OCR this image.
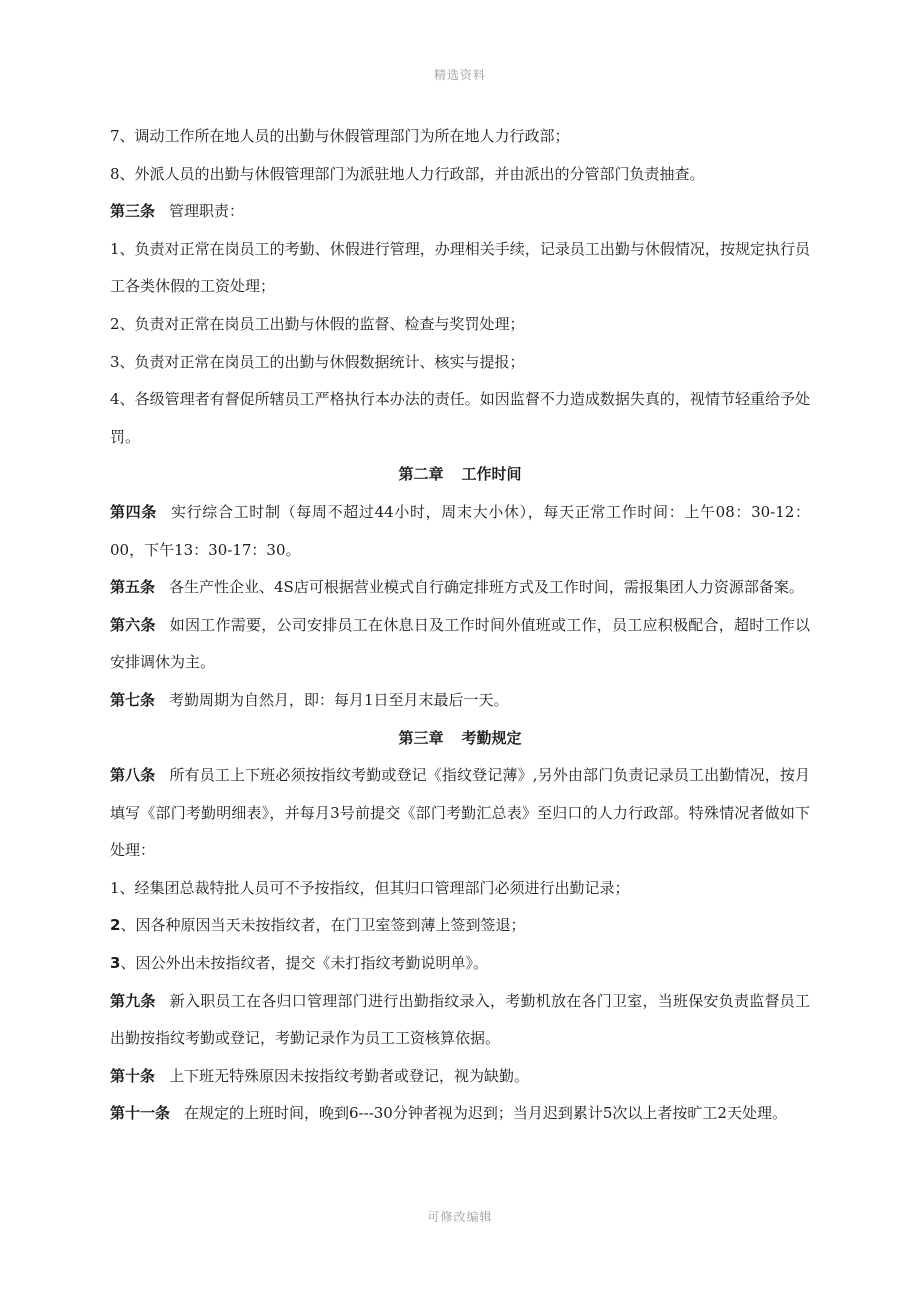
精选资料

7、调动工作所在地人员的出勤与休假管理部门为所在地人力行政部；

8、外派人员的出勤与休假管理部门为派驻地人力行政部，并由派出的分管部门负责抽查。

第三条 管理职责：

1、负责对正常在岗员工的考勤、休假进行管理，办理相关手续，记录员工出勤与休假情况，按规定执行员工各类休假的工资处理；

2、负责对正常在岗员工出勤与休假的监督、检查与奖罚处理；

3、负责对正常在岗员工的出勤与休假数据统计、核实与提报；

4、各级管理者有督促所辖员工严格执行本办法的责任。如因监督不力造成数据失真的，视情节轻重给予处罚。

第二章 工作时间

第四条 实行综合工时制（每周不超过44小时，周末大小休），每天正常工作时间：上午08：30-12：00，下午13：30-17：30。

第五条 各生产性企业、4S店可根据营业模式自行确定排班方式及工作时间，需报集团人力资源部备案。

第六条 如因工作需要，公司安排员工在休息日及工作时间外值班或工作，员工应积极配合，超时工作以安排调休为主。

第七条 考勤周期为自然月，即：每月1日至月末最后一天。

第三章 考勤规定

第八条 所有员工上下班必须按指纹考勤或登记《指纹登记薄》,另外由部门负责记录员工出勤情况，按月填写《部门考勤明细表》，并每月3号前提交《部门考勤汇总表》至归口的人力行政部。特殊情况者做如下处理：

1、经集团总裁特批人员可不予按指纹，但其归口管理部门必须进行出勤记录；

2、因各种原因当天未按指纹者，在门卫室签到薄上签到签退；

3、因公外出未按指纹者，提交《未打指纹考勤说明单》。

第九条 新入职员工在各归口管理部门进行出勤指纹录入，考勤机放在各门卫室，当班保安负责监督员工出勤按指纹考勤或登记，考勤记录作为员工工资核算依据。

第十条 上下班无特殊原因未按指纹考勤者或登记，视为缺勤。

第十一条 在规定的上班时间，晚到6---30分钟者视为迟到；当月迟到累计5次以上者按旷工2天处理。

可修改编辑
